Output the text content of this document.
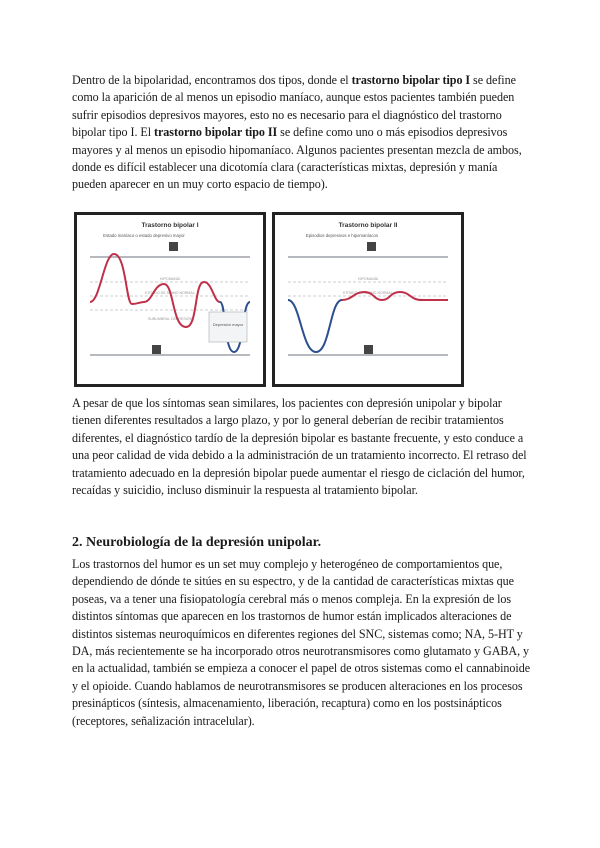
Dentro de la bipolaridad, encontramos dos tipos, donde el trastorno bipolar tipo I se define como la aparición de al menos un episodio maníaco, aunque estos pacientes también pueden sufrir episodios depresivos mayores, esto no es necesario para el diagnóstico del trastorno bipolar tipo I. El trastorno bipolar tipo II se define como uno o más episodios depresivos mayores y al menos un episodio hipomaníaco. Algunos pacientes presentan mezcla de ambos, donde es difícil establecer una dicotomía clara (características mixtas, depresión y manía pueden aparecer en un muy corto espacio de tiempo).

Trastorno bipolar I
Estado maníaco o estado depresivo mayor
HIPOMANÍA
ESTADO DE ÁNIMO NORMAL
SUBUMBRAL DEPRESIÓN
Depresión mayor
Trastorno bipolar II
Episodios depresivos e hipomaníacos
HIPOMANÍA
ESTADO DE ÁNIMO NORMAL

A pesar de que los síntomas sean similares, los pacientes con depresión unipolar y bipolar tienen diferentes resultados a largo plazo, y por lo general deberían de recibir tratamientos diferentes, el diagnóstico tardío de la depresión bipolar es bastante frecuente, y esto conduce a una peor calidad de vida debido a la administración de un tratamiento incorrecto. El retraso del tratamiento adecuado en la depresión bipolar puede aumentar el riesgo de ciclación del humor, recaídas y suicidio, incluso disminuir la respuesta al tratamiento bipolar.

2. Neurobiología de la depresión unipolar.

Los trastornos del humor es un set muy complejo y heterogéneo de comportamientos que, dependiendo de dónde te sitúes en su espectro, y de la cantidad de características mixtas que poseas, va a tener una fisiopatología cerebral más o menos compleja. En la expresión de los distintos síntomas que aparecen en los trastornos de humor están implicados alteraciones de distintos sistemas neuroquímicos en diferentes regiones del SNC, sistemas como; NA, 5-HT y DA, más recientemente se ha incorporado otros neurotransmisores como glutamato y GABA, y en la actualidad, también se empieza a conocer el papel de otros sistemas como el cannabinoide y el opioide. Cuando hablamos de neurotransmisores se producen alteraciones en los procesos presinápticos (síntesis, almacenamiento, liberación, recaptura) como en los postsinápticos (receptores, señalización intracelular).
